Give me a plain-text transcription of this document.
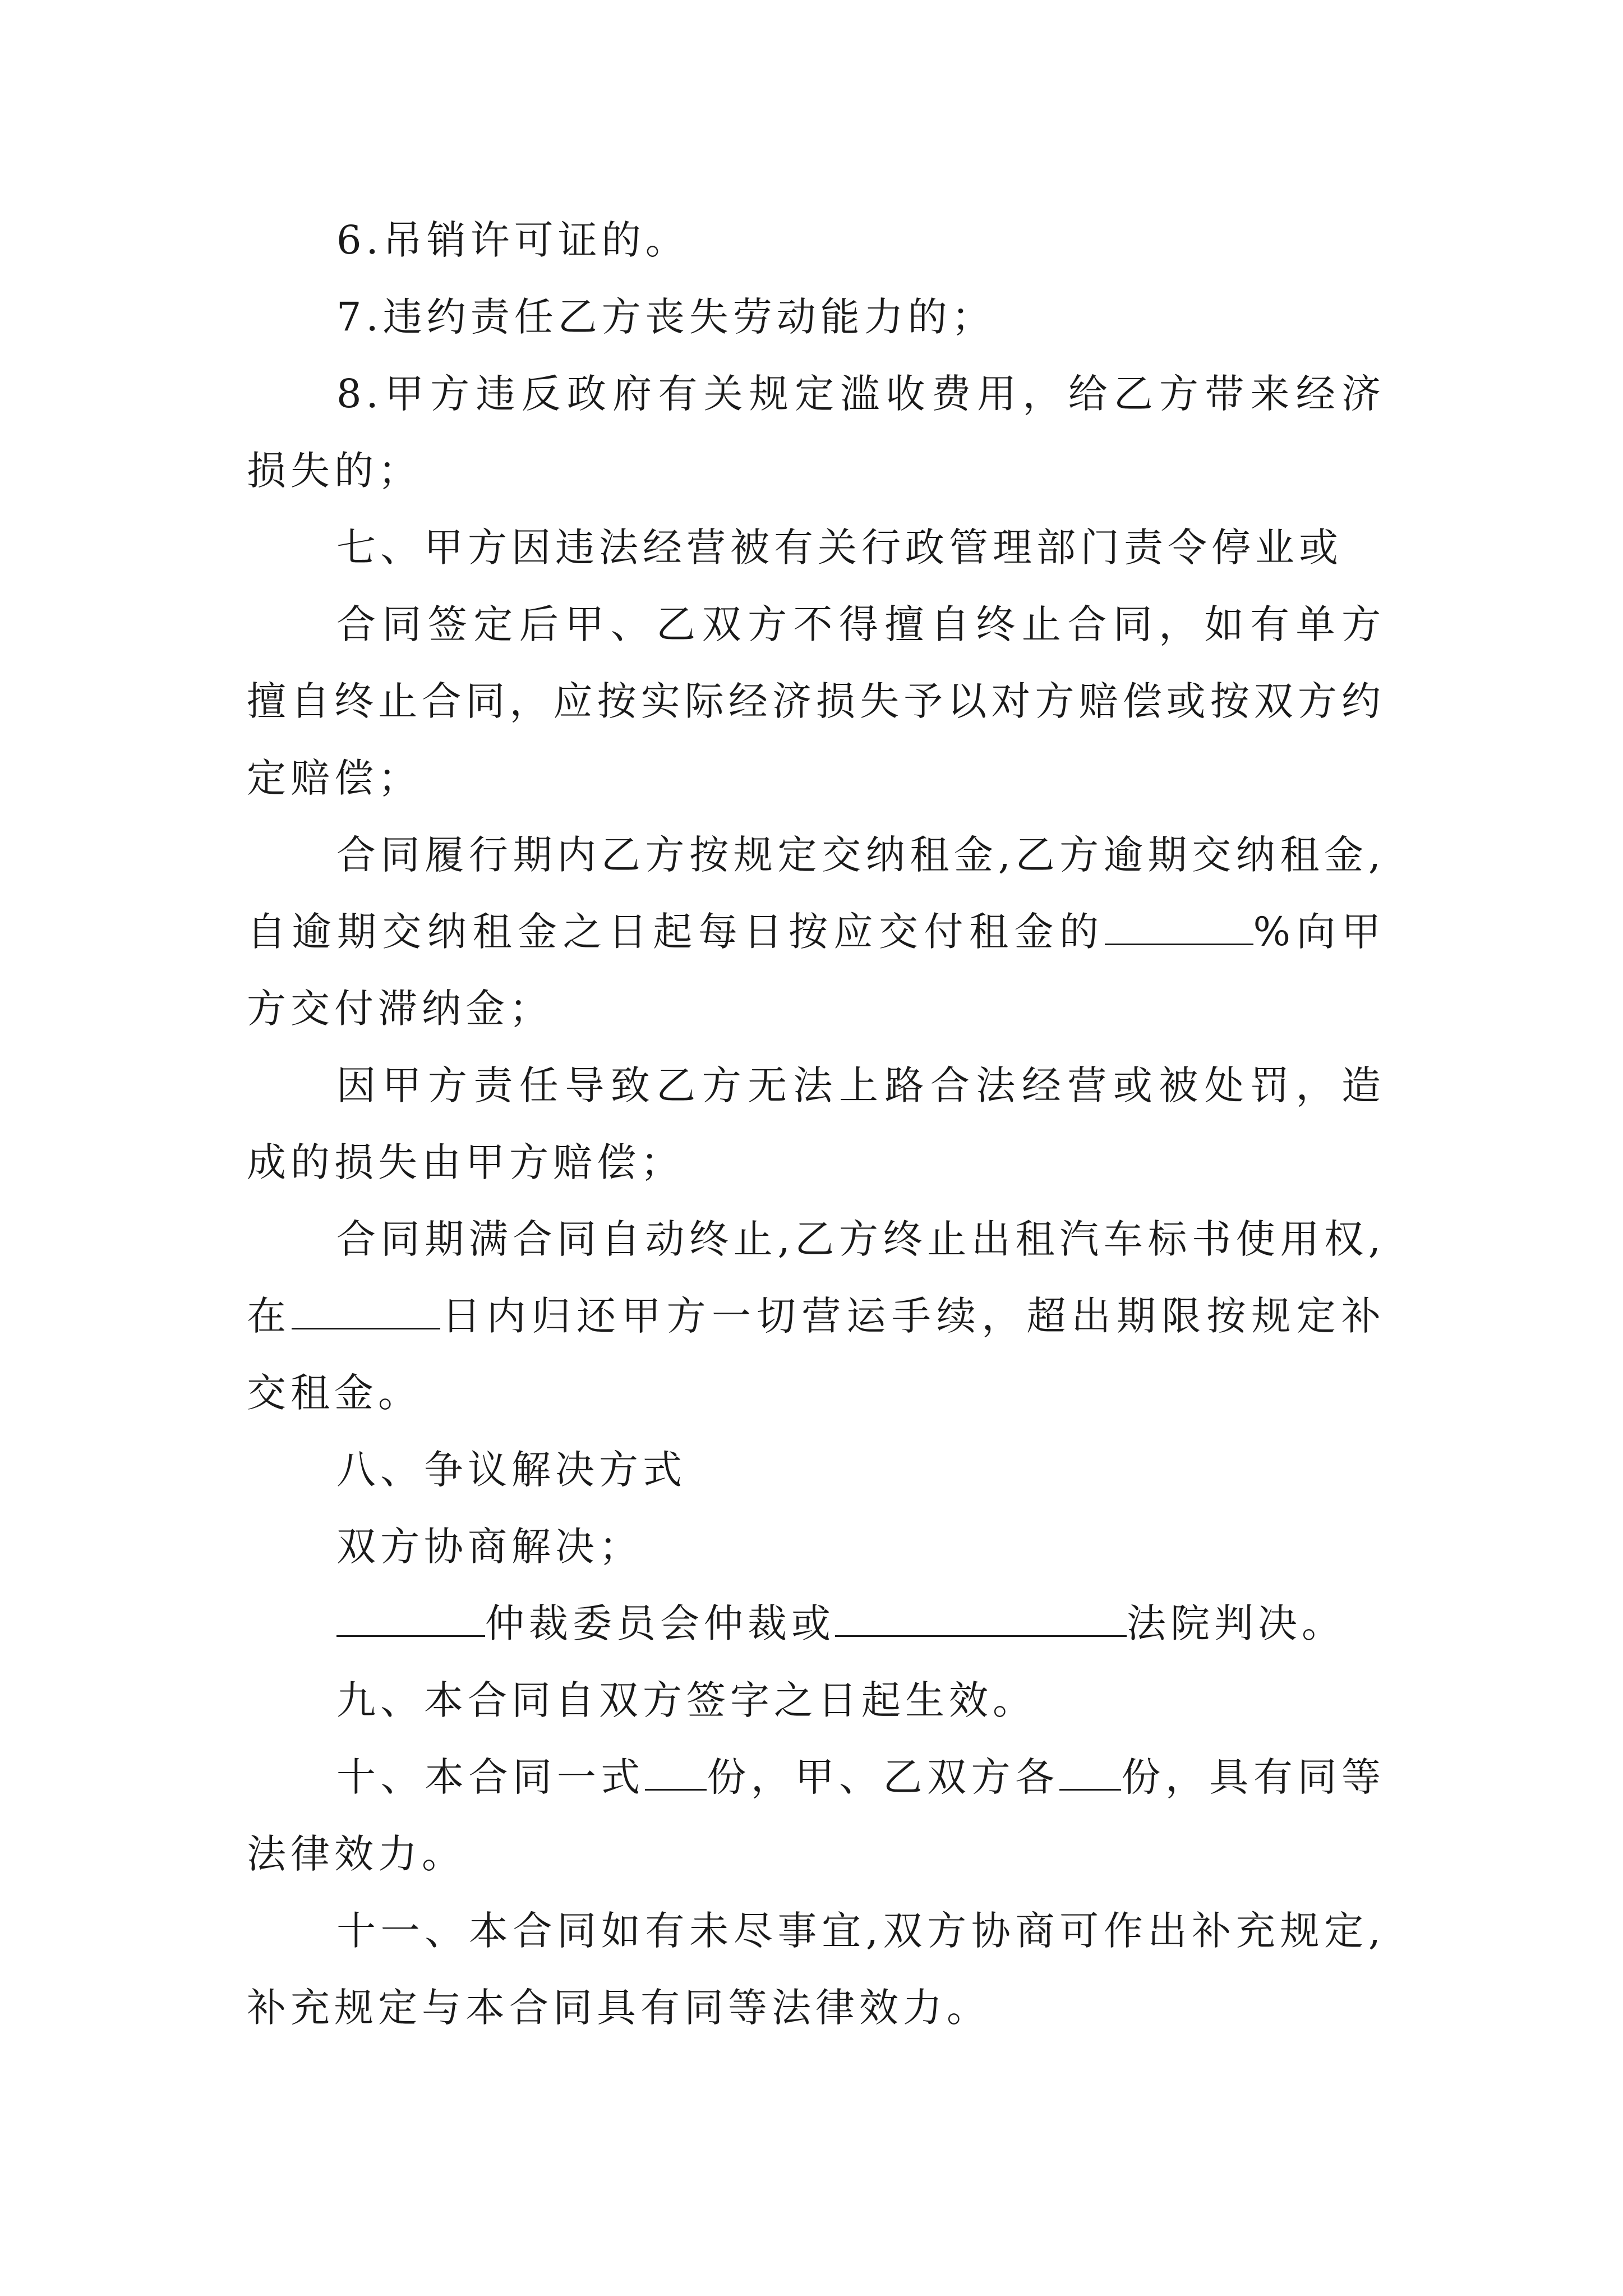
6.吊销许可证的。

7.违约责任乙方丧失劳动能力的；

8.甲方违反政府有关规定滥收费用，给乙方带来经济损失的；

七、甲方因违法经营被有关行政管理部门责令停业或

合同签定后甲、乙双方不得擅自终止合同，如有单方擅自终止合同，应按实际经济损失予以对方赔偿或按双方约定赔偿；

合同履行期内乙方按规定交纳租金,乙方逾期交纳租金,自逾期交纳租金之日起每日按应交付租金的	%向甲方交付滞纳金；

因甲方责任导致乙方无法上路合法经营或被处罚，造成的损失由甲方赔偿；

合同期满合同自动终止,乙方终止出租汽车标书使用权,在	日内归还甲方一切营运手续，超出期限按规定补交租金。

八、争议解决方式

双方协商解决；

仲裁委员会仲裁或	法院判决。

九、本合同自双方签字之日起生效。

十、本合同一式 份，甲、乙双方各 份，具有同等法律效力。

十一、本合同如有未尽事宜,双方协商可作出补充规定,补充规定与本合同具有同等法律效力。
